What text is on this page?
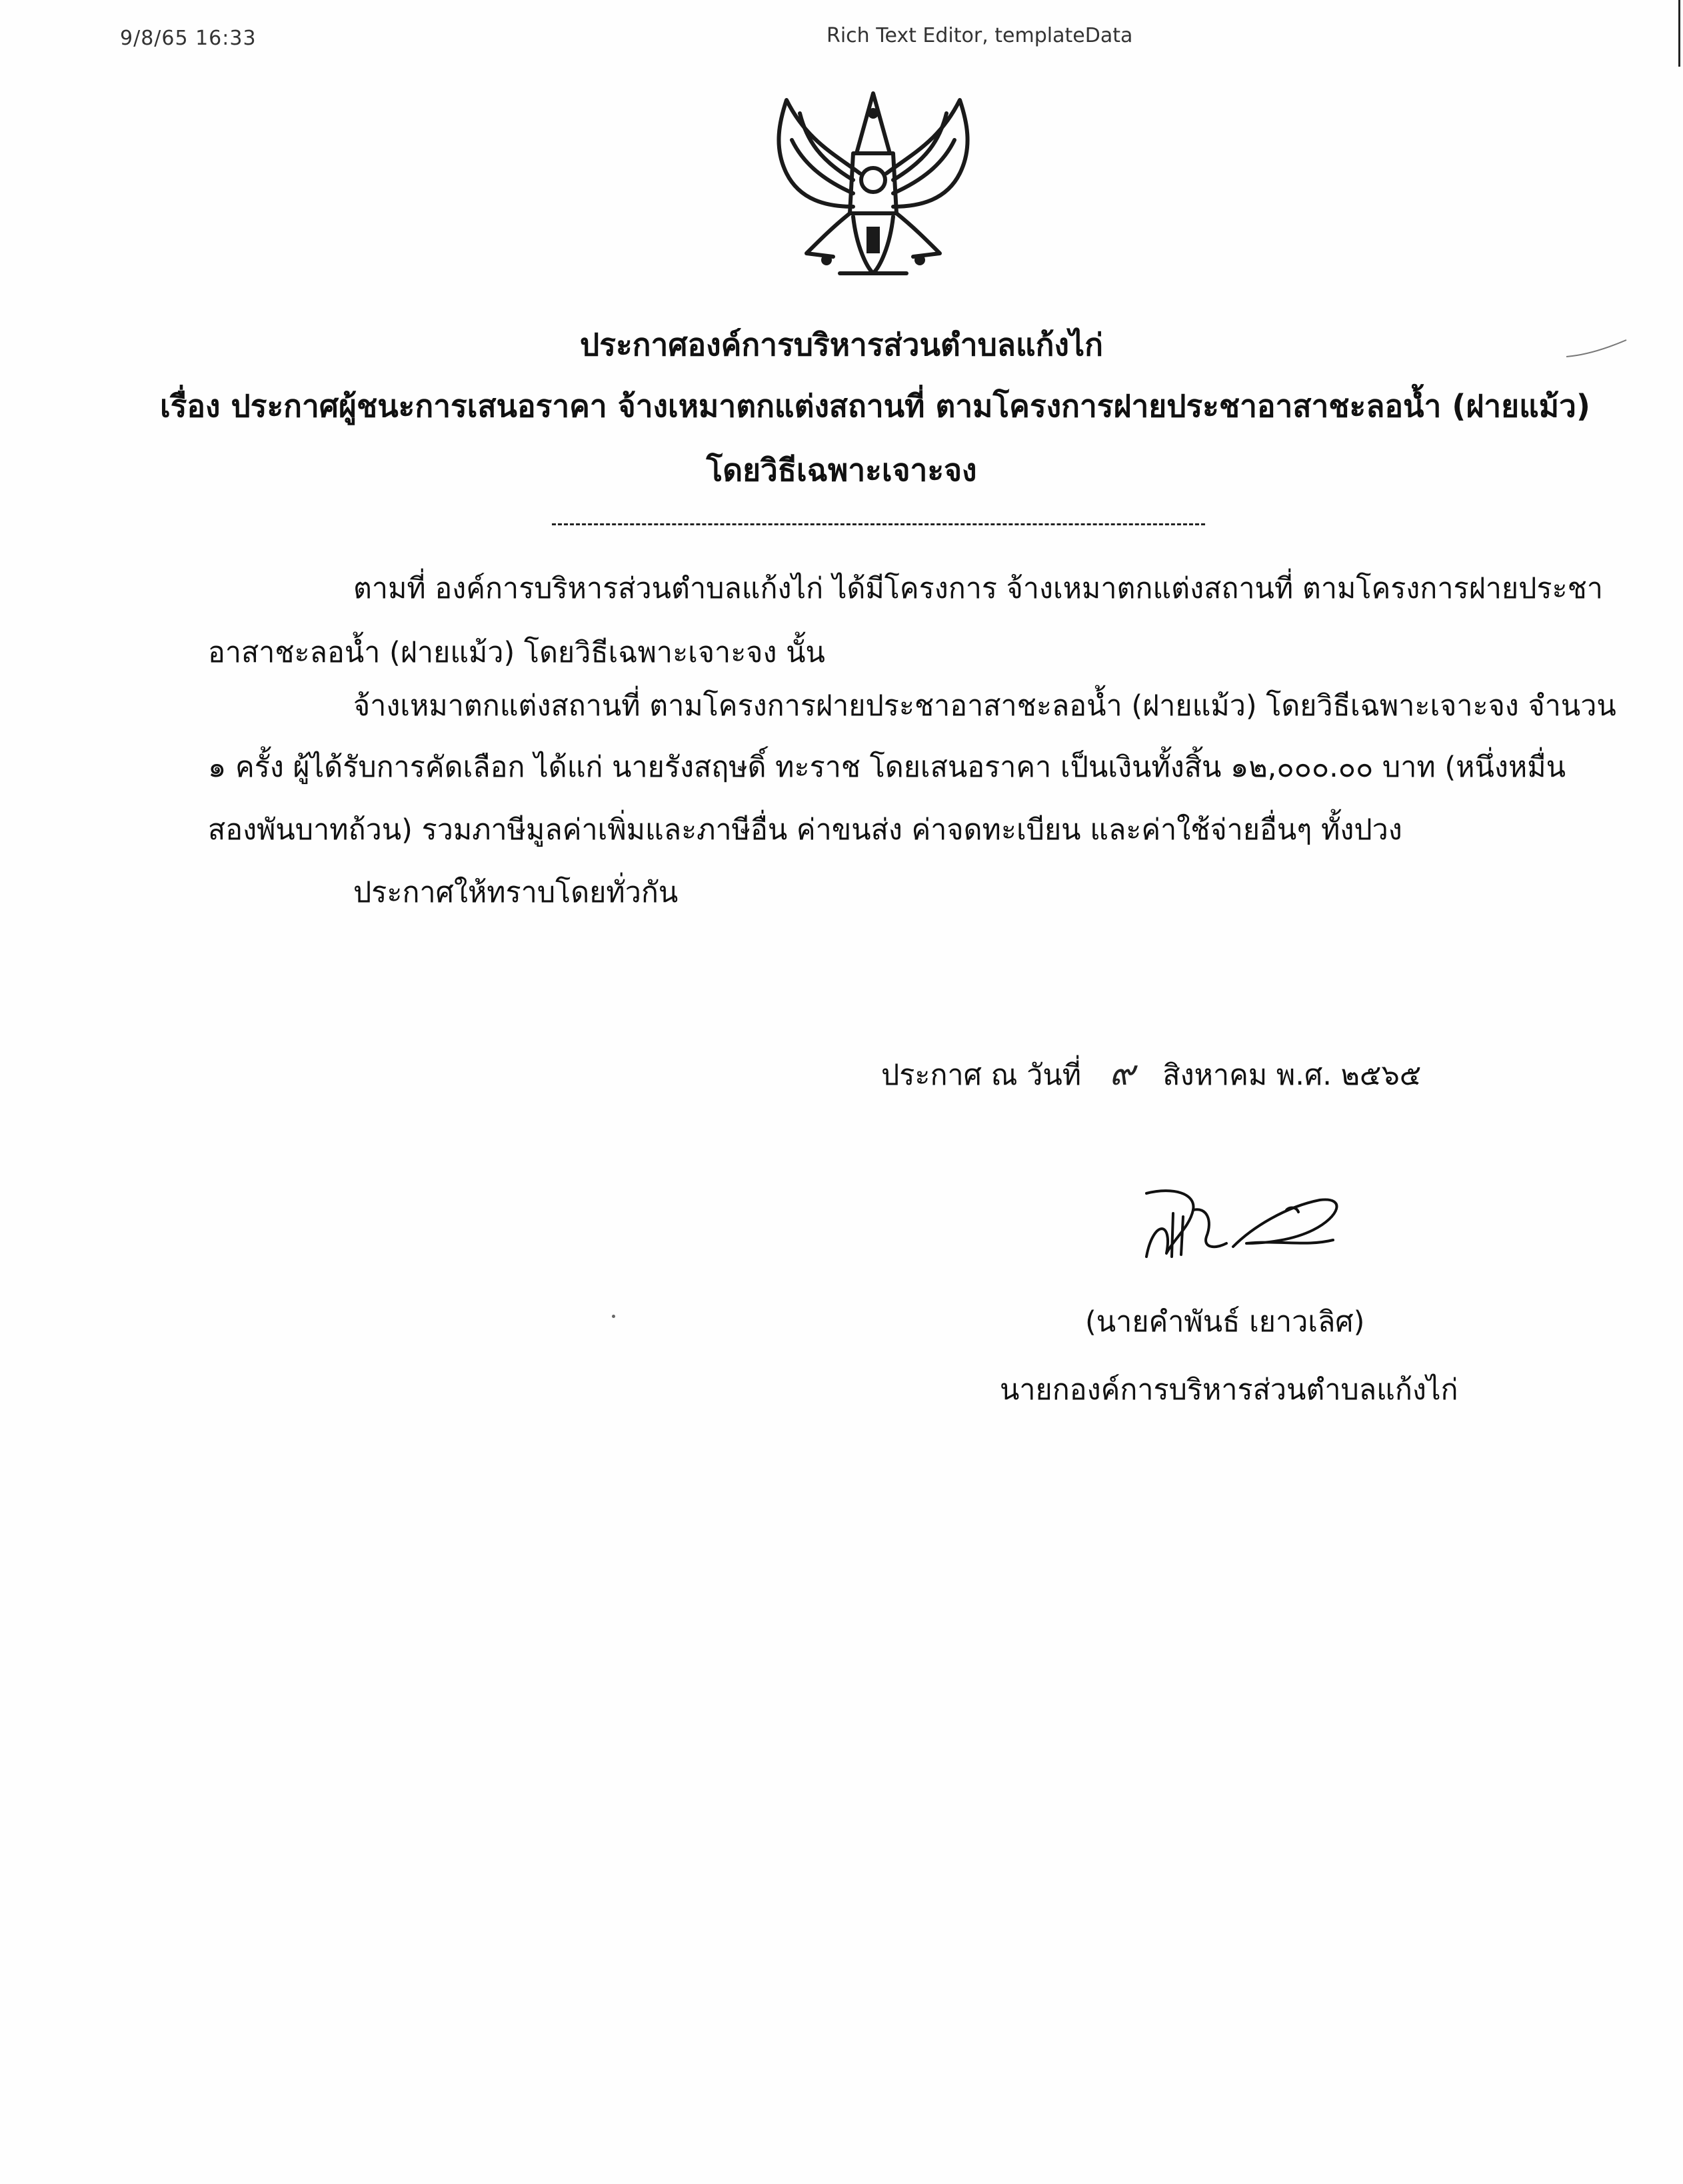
9/8/65 16:33	Rich Text Editor, templateData
ประกาศองค์การบริหารส่วนตำบลแก้งไก่
เรื่อง ประกาศผู้ชนะการเสนอราคา จ้างเหมาตกแต่งสถานที่ ตามโครงการฝายประชาอาสาชะลอน้ำ (ฝายแม้ว)
โดยวิธีเฉพาะเจาะจง
ตามที่ องค์การบริหารส่วนตำบลแก้งไก่ ได้มีโครงการ จ้างเหมาตกแต่งสถานที่ ตามโครงการฝายประชา
อาสาชะลอน้ำ (ฝายแม้ว) โดยวิธีเฉพาะเจาะจง นั้น
จ้างเหมาตกแต่งสถานที่ ตามโครงการฝายประชาอาสาชะลอน้ำ (ฝายแม้ว) โดยวิธีเฉพาะเจาะจง จำนวน
๑ ครั้ง ผู้ได้รับการคัดเลือก ได้แก่ นายรังสฤษดิ์ ทะราช โดยเสนอราคา เป็นเงินทั้งสิ้น ๑๒,๐๐๐.๐๐ บาท (หนึ่งหมื่น
สองพันบาทถ้วน) รวมภาษีมูลค่าเพิ่มและภาษีอื่น ค่าขนส่ง ค่าจดทะเบียน และค่าใช้จ่ายอื่นๆ ทั้งปวง
ประกาศให้ทราบโดยทั่วกัน
ประกาศ ณ วันที่ ๙ สิงหาคม พ.ศ. ๒๕๖๕
(นายคำพันธ์ เยาวเลิศ)
นายกองค์การบริหารส่วนตำบลแก้งไก่
